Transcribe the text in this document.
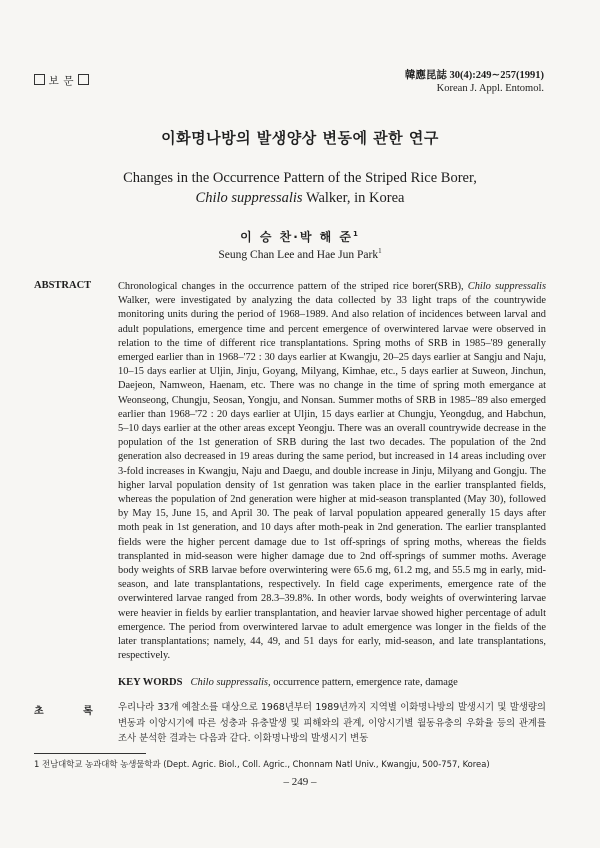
보 문
韓應昆誌 30(4):249∼257(1991)
Korean J. Appl. Entomol.
이화명나방의 발생양상 변동에 관한 연구
Changes in the Occurrence Pattern of the Striped Rice Borer,
Chilo suppressalis Walker, in Korea
이 승 찬·박 해 준$^1$
Seung Chan Lee and Hae Jun Park$^1$
ABSTRACT	Chronological changes in the occurrence pattern of the striped rice borer(SRB), Chilo suppressalis Walker, were investigated by analyzing the data collected by 33 light traps of the countrywide monitoring units during the period of 1968–1989. And also relation of incidences between larval and adult populations, emergence time and percent emergence of overwintered larvae were observed in relation to the time of different rice transplantations. Spring moths of SRB in 1985–'89 generally emerged earlier than in 1968–'72 : 30 days earlier at Kwangju, 20–25 days earlier at Sangju and Naju, 10–15 days earlier at Uljin, Jinju, Goyang, Milyang, Kimhae, etc., 5 days earlier at Suweon, Jinchun, Daejeon, Namweon, Haenam, etc. There was no change in the time of spring moth emergance at Weonseong, Chungju, Seosan, Yongju, and Nonsan. Summer moths of SRB in 1985–'89 also emerged earlier than 1968–'72 : 20 days earlier at Uljin, 15 days earlier at Chungju, Yeongdug, and Habchun, 5–10 days earlier at the other areas except Yeongju. There was an overall countrywide decrease in the population of the 1st generation of SRB during the last two decades. The population of the 2nd generation also decreased in 19 areas during the same period, but increased in 14 areas including over 3-fold increases in Kwangju, Naju and Daegu, and double increase in Jinju, Milyang and Gongju. The higher larval population density of 1st genration was taken place in the earlier transplanted fields, whereas the population of 2nd generation were higher at mid-season transplanted (May 30), followed by May 15, June 15, and April 30. The peak of larval population appeared generally 15 days after moth peak in 1st generation, and 10 days after moth-peak in 2nd generation. The earlier transplanted fields were the higher percent damage due to 1st off-springs of spring moths, whereas the fields transplanted in mid-season were higher damage due to 2nd off-springs of summer moths. Average body weights of SRB larvae before overwintering were 65.6 mg, 61.2 mg, and 55.5 mg in early, mid-season, and late transplantations, respectively. In field cage experiments, emergence rate of the overwintered larvae ranged from 28.3–39.8%. In other words, body weights of overwintering larvae were heavier in fields by earlier transplantation, and heavier larvae showed higher percentage of adult emergence. The period from overwintered larvae to adult emergence was longer in the fields of the later transplantations; namely, 44, 49, and 51 days for early, mid-season, and late transplantations, respectively.
KEY WORDS Chilo suppressalis, occurrence pattern, emergence rate, damage
초 록 우리나라 33개 예찰소를 대상으로 1968년부터 1989년까지 지역별 이화명나방의 발생시기 및 발생량의 변동과 이앙시기에 따른 성충과 유충발생 및 피해와의 관계, 이앙시기별 월동유충의 우화율 등의 관계를 조사 분석한 결과는 다음과 같다. 이화명나방의 발생시기 변동
1 전남대학교 농과대학 농생물학과 (Dept. Agric. Biol., Coll. Agric., Chonnam Natl Univ., Kwangju, 500-757, Korea)
– 249 –
